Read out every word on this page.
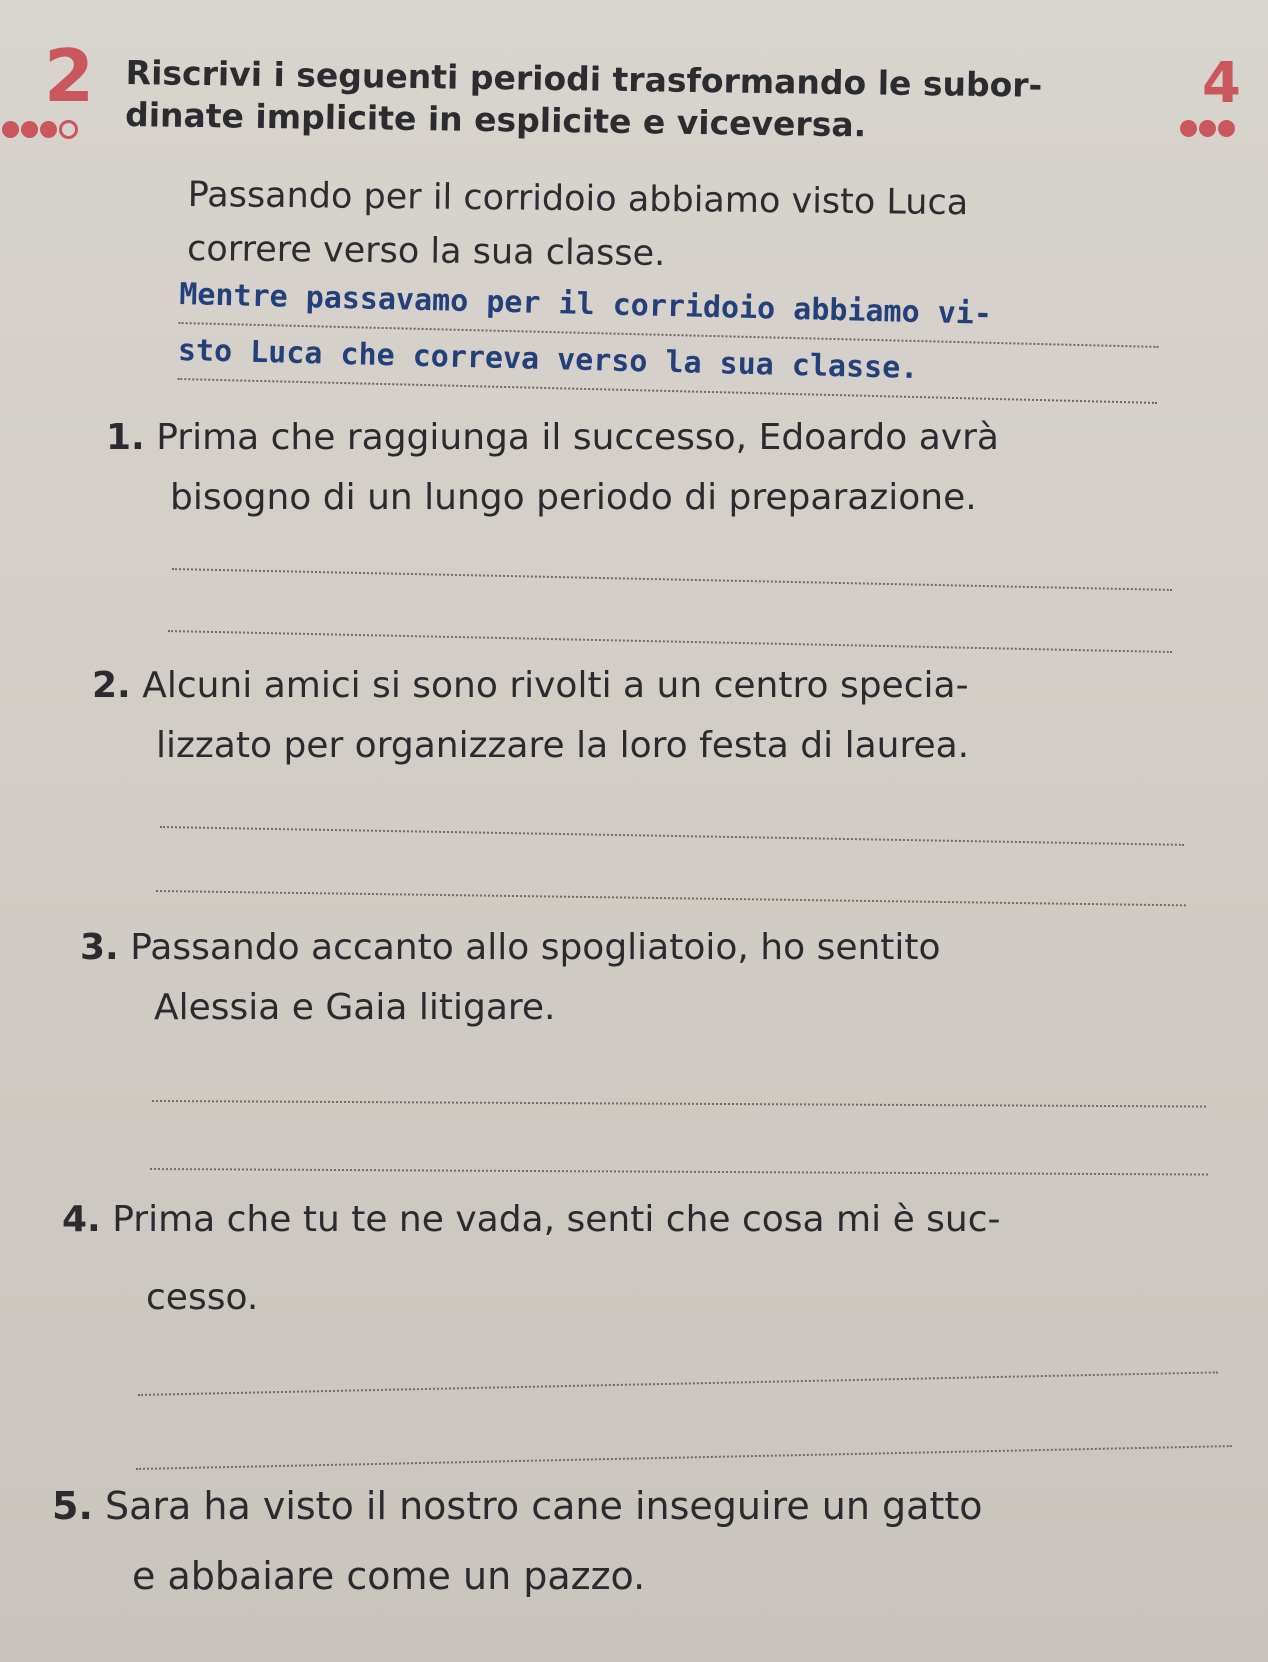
2	4
Riscrivi i seguenti periodi trasformando le subor-
dinate implicite in esplicite e viceversa.
Passando per il corridoio abbiamo visto Luca
correre verso la sua classe.
Mentre passavamo per il corridoio abbiamo vi-
sto Luca che correva verso la sua classe.
1. Prima che raggiunga il successo, Edoardo avrà
bisogno di un lungo periodo di preparazione.
2. Alcuni amici si sono rivolti a un centro specia-
lizzato per organizzare la loro festa di laurea.
3. Passando accanto allo spogliatoio, ho sentito
Alessia e Gaia litigare.
4. Prima che tu te ne vada, senti che cosa mi è suc-
cesso.
5. Sara ha visto il nostro cane inseguire un gatto
e abbaiare come un pazzo.
